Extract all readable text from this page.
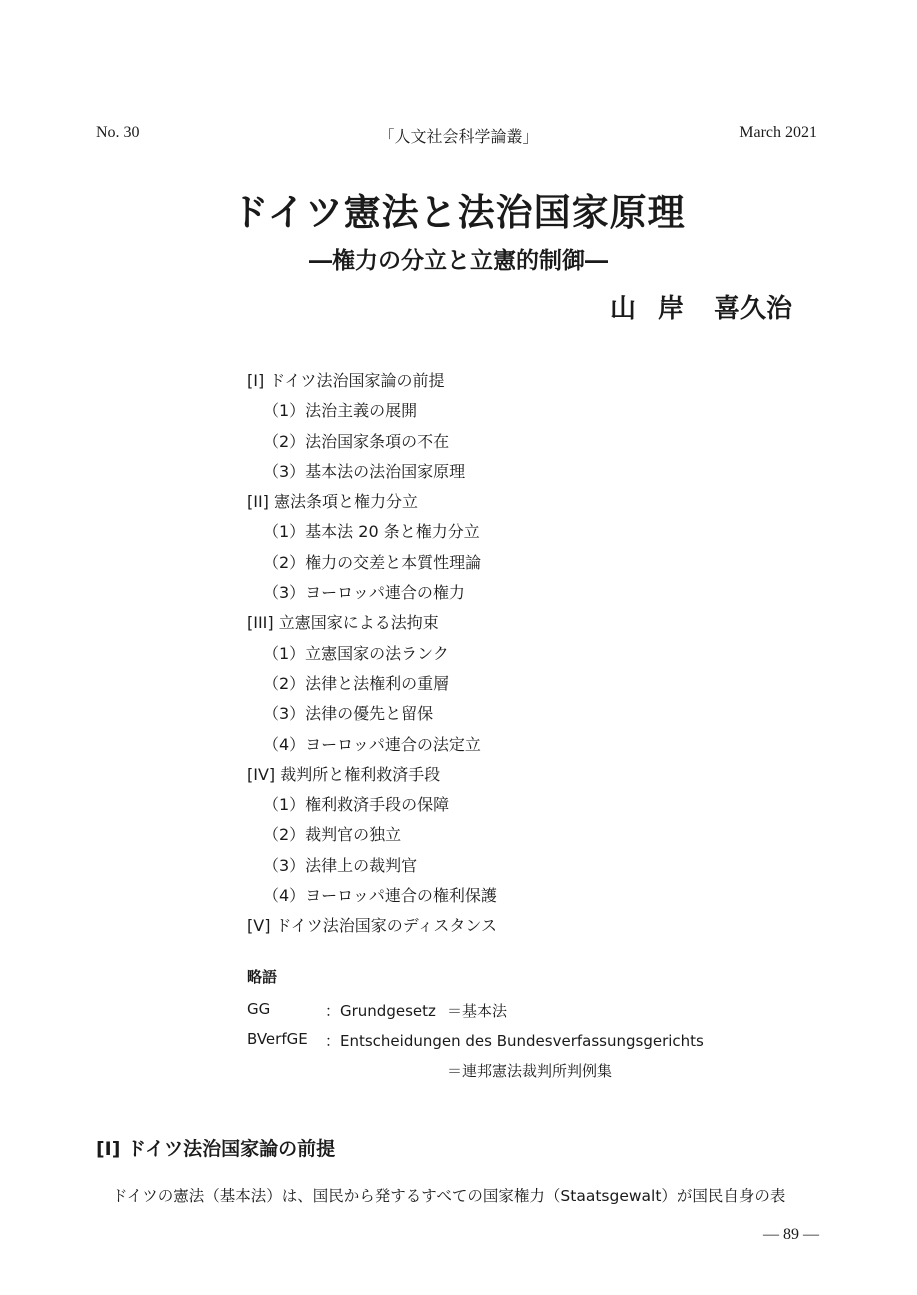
No. 30	「人文社会科学論叢」	March 2021
ドイツ憲法と法治国家原理
―権力の分立と立憲的制御―
山 岸 喜久治
[I] ドイツ法治国家論の前提
（1）法治主義の展開
（2）法治国家条項の不在
（3）基本法の法治国家原理
[II] 憲法条項と権力分立
（1）基本法 20 条と権力分立
（2）権力の交差と本質性理論
（3）ヨーロッパ連合の権力
[III] 立憲国家による法拘束
（1）立憲国家の法ランク
（2）法律と法権利の重層
（3）法律の優先と留保
（4）ヨーロッパ連合の法定立
[IV] 裁判所と権利救済手段
（1）権利救済手段の保障
（2）裁判官の独立
（3）法律上の裁判官
（4）ヨーロッパ連合の権利保護
[V] ドイツ法治国家のディスタンス
略語
GG	：Grundgesetz ＝基本法
BVerfGE ：Entscheidungen des Bundesverfassungsgerichts
＝連邦憲法裁判所判例集
[I] ドイツ法治国家論の前提
ドイツの憲法（基本法）は、国民から発するすべての国家権力（Staatsgewalt）が国民自身の表
― 89 ―
